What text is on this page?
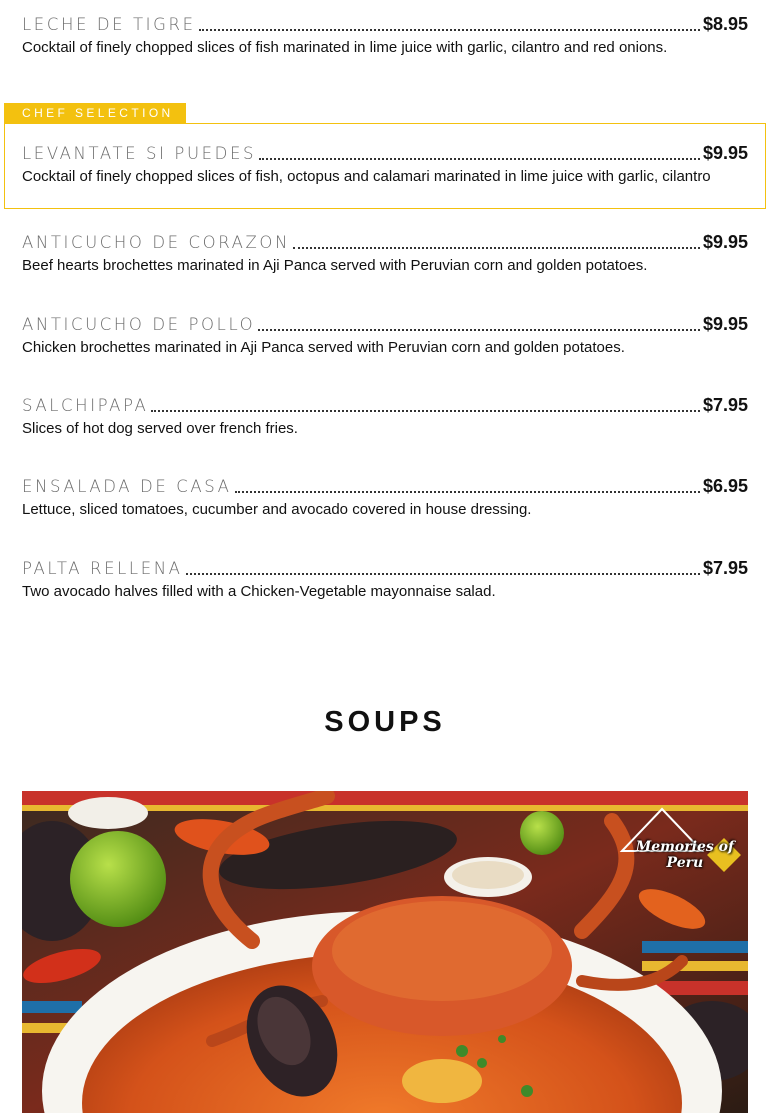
LECHE DE TIGRE	$8.95
Cocktail of finely chopped slices of fish marinated in lime juice with garlic, cilantro and red onions.
CHEF SELECTION
LEVANTATE SI PUEDES	$9.95
Cocktail of finely chopped slices of fish, octopus and calamari marinated in lime juice with garlic, cilantro
ANTICUCHO DE CORAZON	$9.95
Beef hearts brochettes marinated in Aji Panca served with Peruvian corn and golden potatoes.
ANTICUCHO DE POLLO	$9.95
Chicken brochettes marinated in Aji Panca served with Peruvian corn and golden potatoes.
SALCHIPAPA	$7.95
Slices of hot dog served over french fries.
ENSALADA DE CASA	$6.95
Lettuce, sliced tomatoes, cucumber and avocado covered in house dressing.
PALTA RELLENA	$7.95
Two avocado halves filled with a Chicken-Vegetable mayonnaise salad.
SOUPS
Memories of
Peru
